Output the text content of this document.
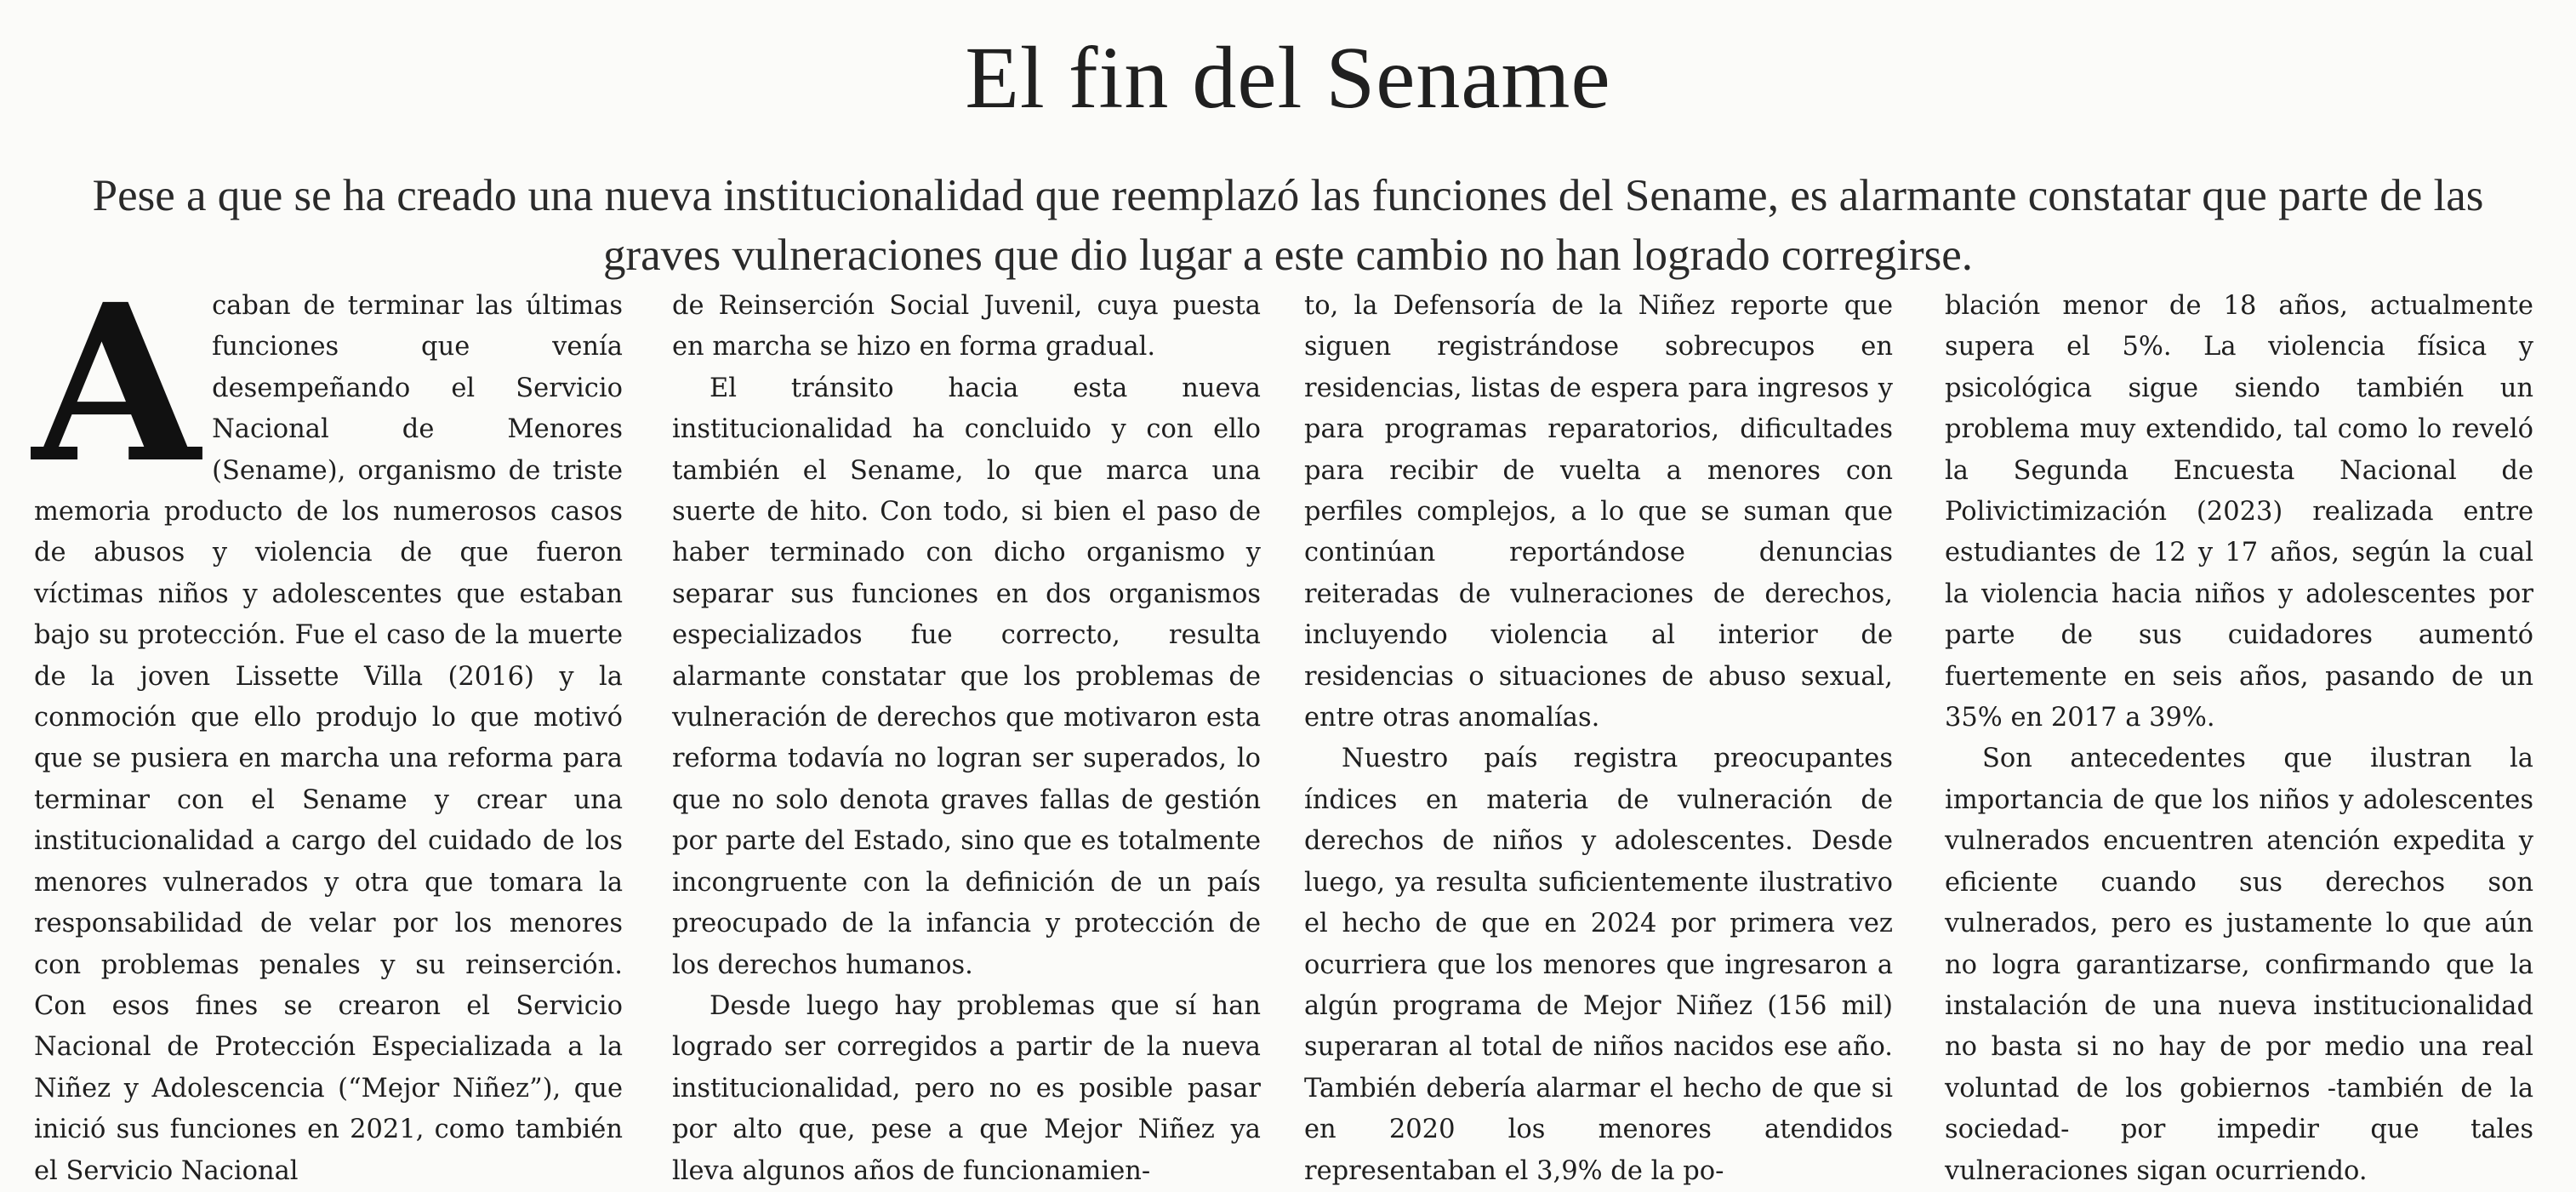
El fin del Sename
Pese a que se ha creado una nueva institucionalidad que reemplazó las funciones del Sename, es alarmante constatar que parte de las graves vulneraciones que dio lugar a este cambio no han logrado corregirse.

Acaban de terminar las últimas funciones que venía desempeñando el Servicio Nacional de Menores (Sename), organismo de triste memoria producto de los numerosos casos de abusos y violencia de que fueron víctimas niños y adolescentes que estaban bajo su protección. Fue el caso de la muerte de la joven Lissette Villa (2016) y la conmoción que ello produjo lo que motivó que se pusiera en marcha una reforma para terminar con el Sename y crear una institucionalidad a cargo del cuidado de los menores vulnerados y otra que tomara la responsabilidad de velar por los menores con problemas penales y su reinserción. Con esos fines se crearon el Servicio Nacional de Protección Especializada a la Niñez y Adolescencia (“Mejor Niñez”), que inició sus funciones en 2021, como también el Servicio Nacional

de Reinserción Social Juvenil, cuya puesta en marcha se hizo en forma gradual.

El tránsito hacia esta nueva institucionalidad ha concluido y con ello también el Sename, lo que marca una suerte de hito. Con todo, si bien el paso de haber terminado con dicho organismo y separar sus funciones en dos organismos especializados fue correcto, resulta alarmante constatar que los problemas de vulneración de derechos que motivaron esta reforma todavía no logran ser superados, lo que no solo denota graves fallas de gestión por parte del Estado, sino que es totalmente incongruente con la definición de un país preocupado de la infancia y protección de los derechos humanos.

Desde luego hay problemas que sí han logrado ser corregidos a partir de la nueva institucionalidad, pero no es posible pasar por alto que, pese a que Mejor Niñez ya lleva algunos años de funcionamien-

to, la Defensoría de la Niñez reporte que siguen registrándose sobrecupos en residencias, listas de espera para ingresos y para programas reparatorios, dificultades para recibir de vuelta a menores con perfiles complejos, a lo que se suman que continúan reportándose denuncias reiteradas de vulneraciones de derechos, incluyendo violencia al interior de residencias o situaciones de abuso sexual, entre otras anomalías.

Nuestro país registra preocupantes índices en materia de vulneración de derechos de niños y adolescentes. Desde luego, ya resulta suficientemente ilustrativo el hecho de que en 2024 por primera vez ocurriera que los menores que ingresaron a algún programa de Mejor Niñez (156 mil) superaran al total de niños nacidos ese año. También debería alarmar el hecho de que si en 2020 los menores atendidos representaban el 3,9% de la po-

blación menor de 18 años, actualmente supera el 5%. La violencia física y psicológica sigue siendo también un problema muy extendido, tal como lo reveló la Segunda Encuesta Nacional de Polivictimización (2023) realizada entre estudiantes de 12 y 17 años, según la cual la violencia hacia niños y adolescentes por parte de sus cuidadores aumentó fuertemente en seis años, pasando de un 35% en 2017 a 39%.

Son antecedentes que ilustran la importancia de que los niños y adolescentes vulnerados encuentren atención expedita y eficiente cuando sus derechos son vulnerados, pero es justamente lo que aún no logra garantizarse, confirmando que la instalación de una nueva institucionalidad no basta si no hay de por medio una real voluntad de los gobiernos -también de la sociedad- por impedir que tales vulneraciones sigan ocurriendo.
